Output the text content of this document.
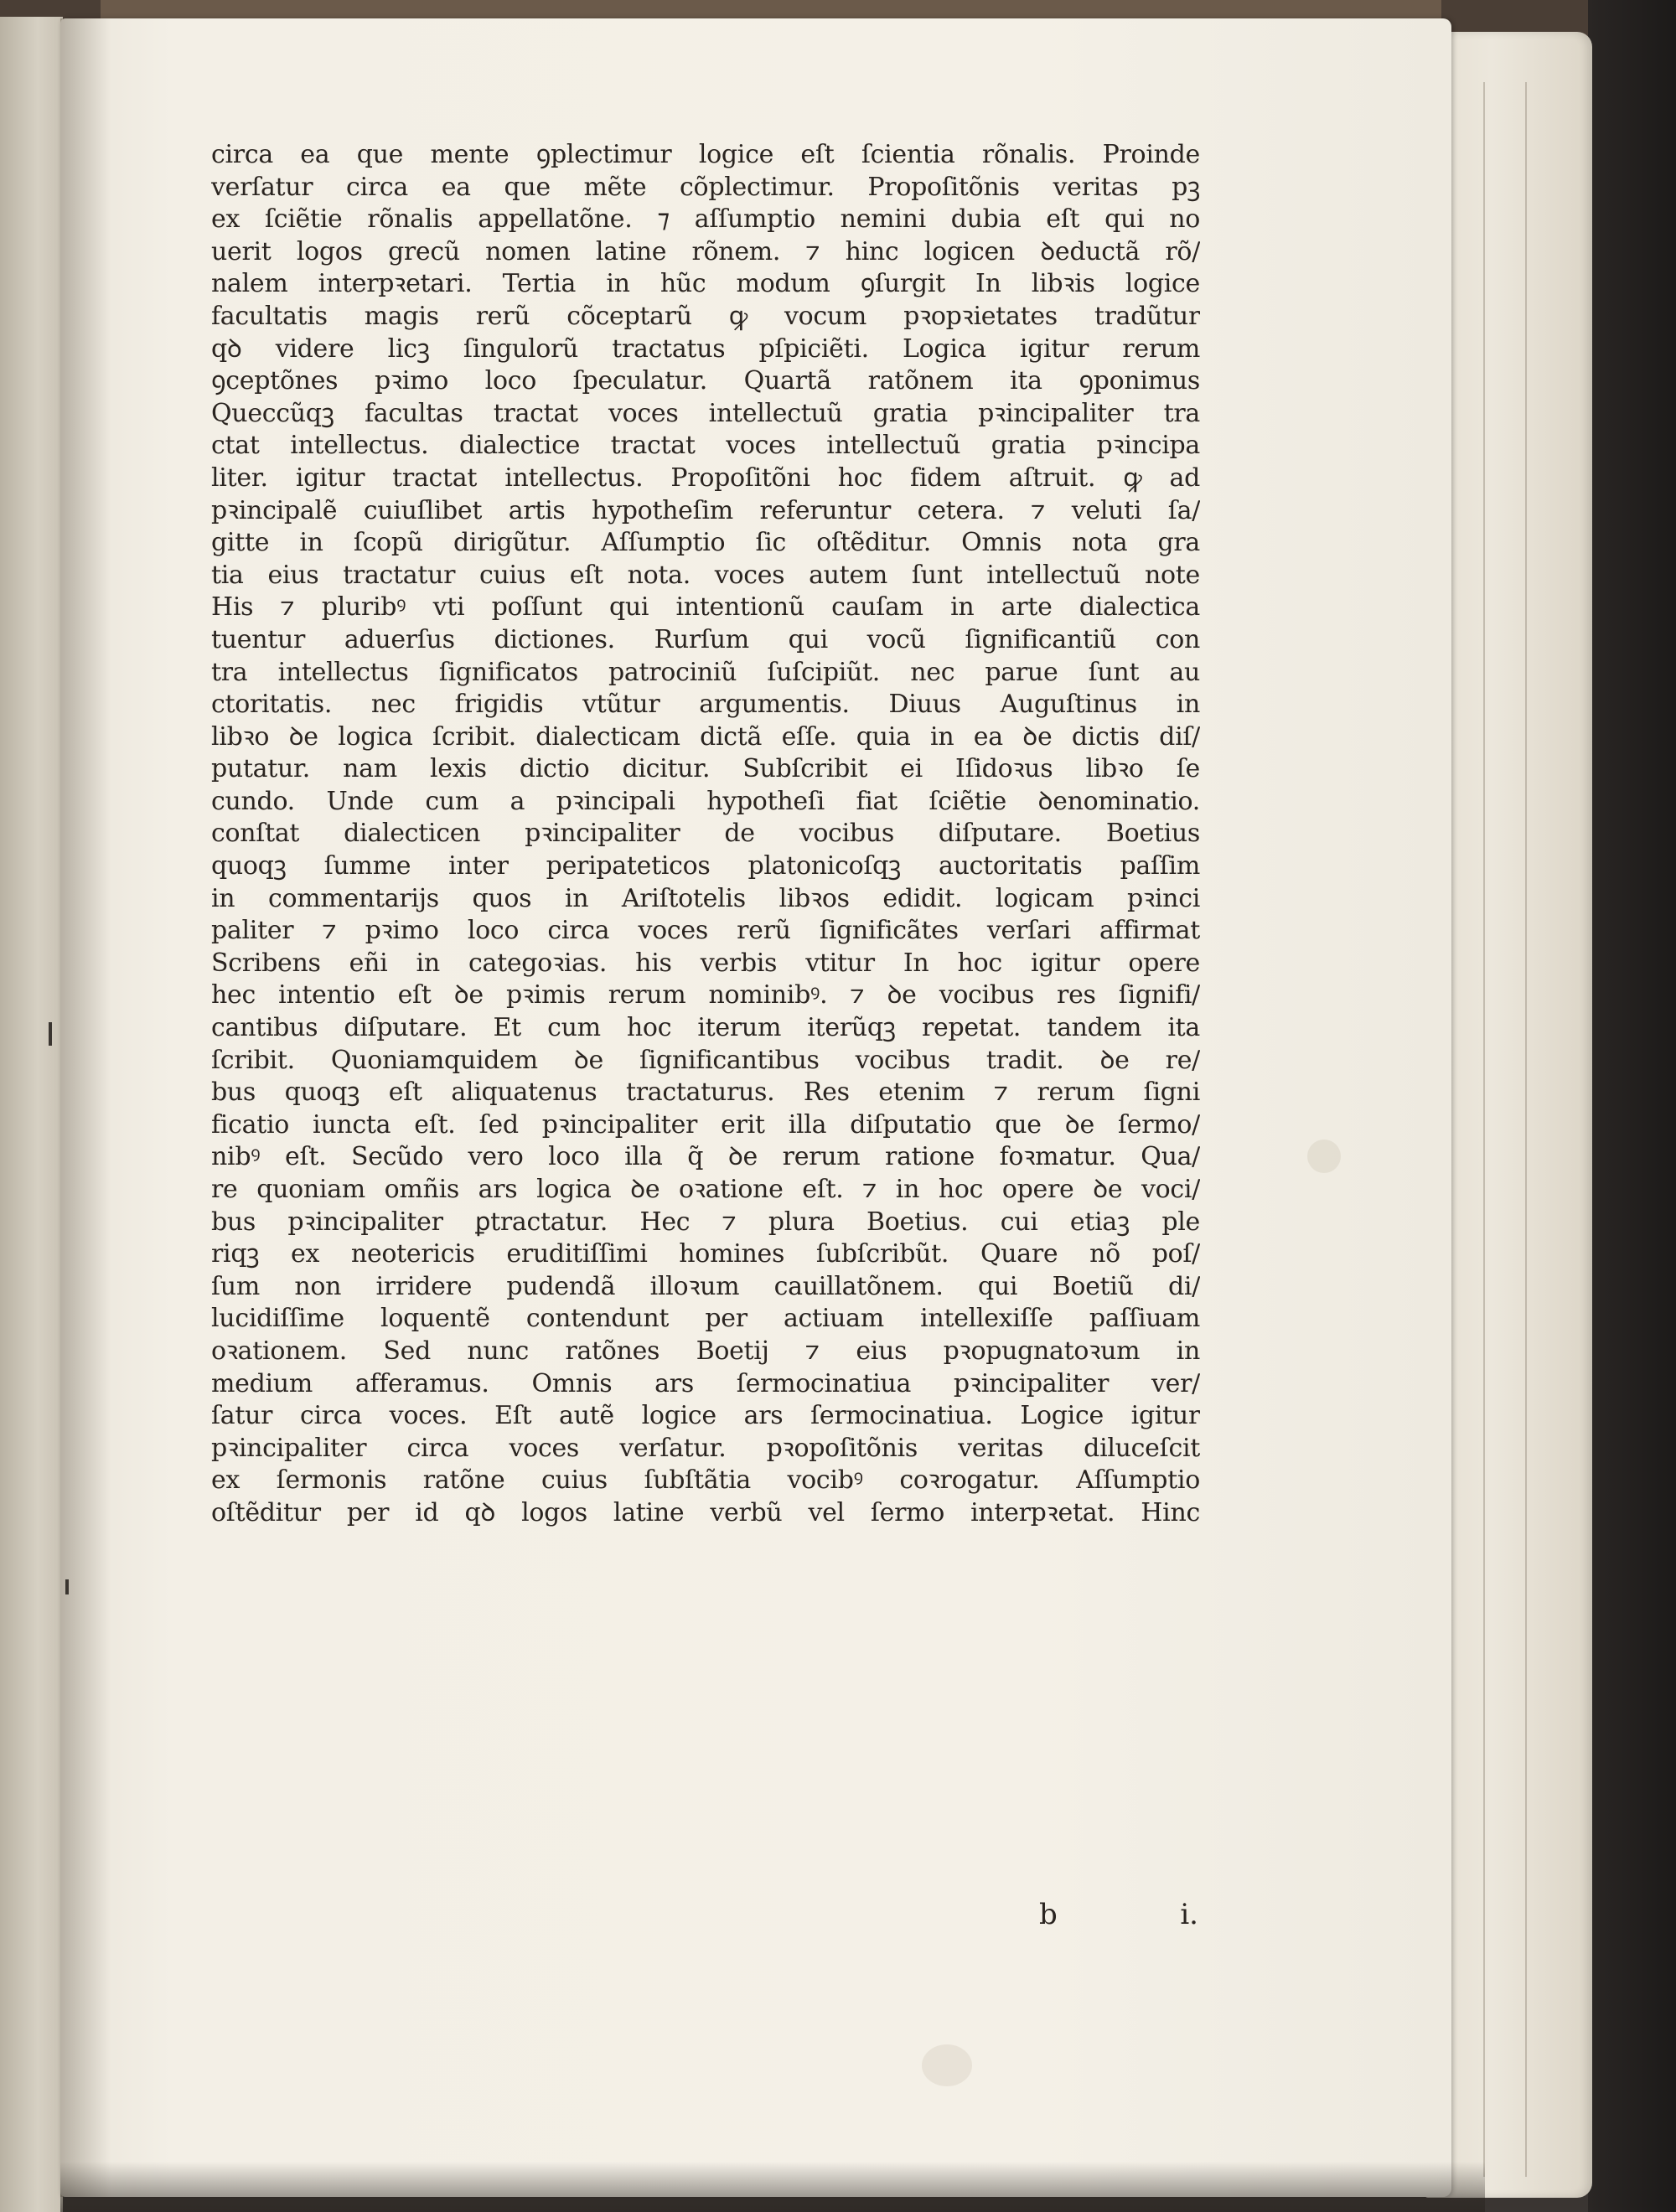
circa ea que mente ꝯplectimur logice eſt ſcientia rõnalis. Proinde
verſatur circa ea que mẽte cõplectimur. Propoſitõnis veritas pꝫ
ex ſciẽtie rõnalis appellatõne. ⁊ aſſumptio nemini dubia eſt qui no
uerit logos grecũ nomen latine rõnem. ⁊ hinc logicen ꝺeductã rõ/
nalem interpꝛetari. Tertia in hũc modum ꝯſurgit In libꝛis logice
facultatis magis rerũ cõceptarũ ꝙ vocum pꝛopꝛietates tradũtur
qꝺ videre licꝫ ſingulorũ tractatus pſpiciẽti. Logica igitur rerum
ꝯceptõnes pꝛimo loco ſpeculatur. Quartã ratõnem ita ꝯponimus
Queccũqꝫ facultas tractat voces intellectuũ gratia pꝛincipaliter tra
ctat intellectus. dialectice tractat voces intellectuũ gratia pꝛincipa
liter. igitur tractat intellectus. Propoſitõni hoc fidem aſtruit. ꝙ ad
pꝛincipalẽ cuiuſlibet artis hypotheſim referuntur cetera. ⁊ veluti ſa/
gitte in ſcopũ dirigũtur. Aſſumptio ſic oſtẽditur. Omnis nota gra
tia eius tractatur cuius eſt nota. voces autem ſunt intellectuũ note
His ⁊ pluribꝰ vti poſſunt qui intentionũ cauſam in arte dialectica
tuentur aduerſus dictiones. Rurſum qui vocũ ſignificantiũ con
tra intellectus ſignificatos patrociniũ ſuſcipiũt. nec parue ſunt au
ctoritatis. nec frigidis vtũtur argumentis. Diuus Auguſtinus in
libꝛo ꝺe logica ſcribit. dialecticam dictã eſſe. quia in ea ꝺe dictis diſ/
putatur. nam lexis dictio dicitur. Subſcribit ei Iſidoꝛus libꝛo ſe
cundo. Unde cum a pꝛincipali hypotheſi fiat ſciẽtie ꝺenominatio.
conſtat dialecticen pꝛincipaliter de vocibus diſputare. Boetius
quoqꝫ ſumme inter peripateticos platonicoſqꝫ auctoritatis paſſim
in commentarijs quos in Ariſtotelis libꝛos edidit. logicam pꝛinci
paliter ⁊ pꝛimo loco circa voces rerũ ſignificãtes verſari affirmat
Scribens eñi in categoꝛias. his verbis vtitur In hoc igitur opere
hec intentio eſt ꝺe pꝛimis rerum nominibꝰ. ⁊ ꝺe vocibus res ſignifi/
cantibus diſputare. Et cum hoc iterum iterũqꝫ repetat. tandem ita
ſcribit. Quoniamquidem ꝺe ſignificantibus vocibus tradit. ꝺe re/
bus quoqꝫ eſt aliquatenus tractaturus. Res etenim ⁊ rerum ſigni
ficatio iuncta eſt. ſed pꝛincipaliter erit illa diſputatio que ꝺe ſermo/
nibꝰ eſt. Secũdo vero loco illa q̃ ꝺe rerum ratione foꝛmatur. Qua/
re quoniam omñis ars logica ꝺe oꝛatione eſt. ⁊ in hoc opere ꝺe voci/
bus pꝛincipaliter ꝑtractatur. Hec ⁊ plura Boetius. cui etiaꝫ ple
riqꝫ ex neotericis eruditiſſimi homines ſubſcribũt. Quare nõ poſ/
ſum non irridere pudendã illoꝛum cauillatõnem. qui Boetiũ di/
lucidiſſime loquentẽ contendunt per actiuam intellexiſſe paſſiuam
oꝛationem. Sed nunc ratõnes Boetij ⁊ eius pꝛopugnatoꝛum in
medium afferamus. Omnis ars ſermocinatiua pꝛincipaliter ver/
ſatur circa voces. Eſt autẽ logice ars ſermocinatiua. Logice igitur
pꝛincipaliter circa voces verſatur. pꝛopoſitõnis veritas diluceſcit
ex ſermonis ratõne cuius ſubſtãtia vocibꝰ coꝛrogatur. Aſſumptio
oſtẽditur per id qꝺ logos latine verbũ vel ſermo interpꝛetat. Hinc
b	i.
